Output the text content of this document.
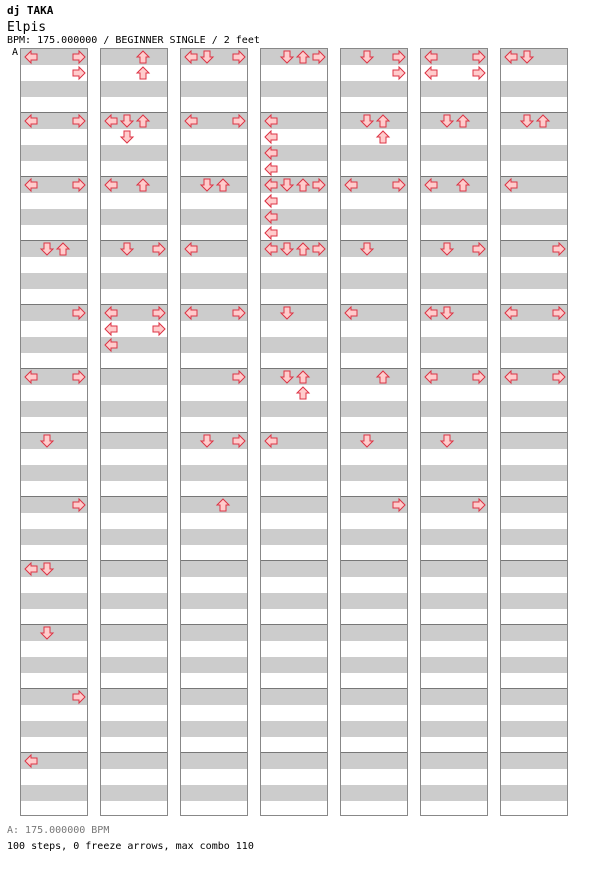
dj TAKA
Elpis
BPM: 175.000000 / BEGINNER SINGLE / 2 feet
A
A: 175.000000 BPM
100 steps, 0 freeze arrows, max combo 110
